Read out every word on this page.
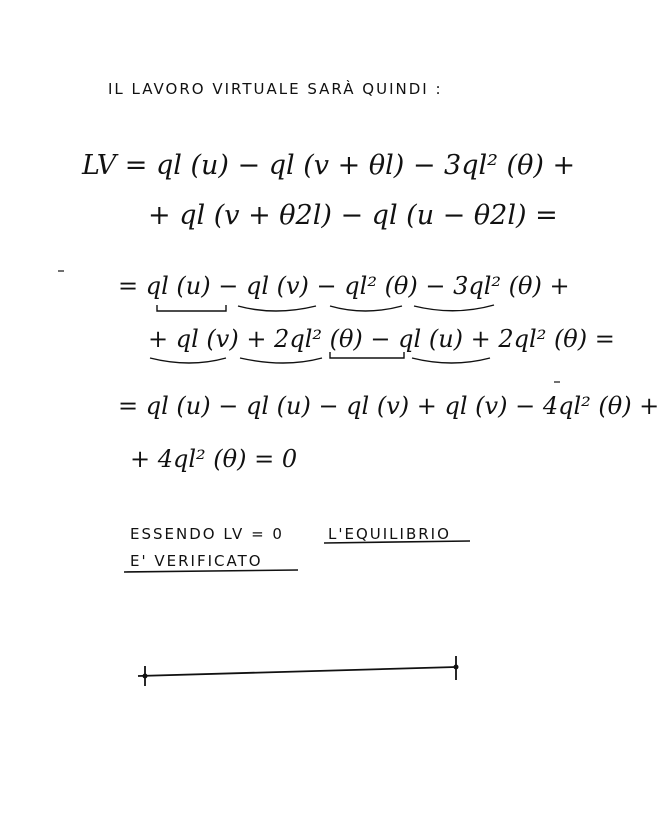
IL LAVORO VIRTUALE SARÀ QUINDI :
LV = ql (u) − ql (v + θl) − 3ql² (θ) +
+ ql (v + θ2l) − ql (u − θ2l) =
= ql (u) − ql (v) − ql² (θ) − 3ql² (θ) +
+ ql (v) + 2ql² (θ) − ql (u) + 2ql² (θ) =
= ql (u) − ql (u) − ql (v) + ql (v) − 4ql² (θ) +
+ 4ql² (θ) = 0
ESSENDO LV = 0	L'EQUILIBRIO
E' VERIFICATO
